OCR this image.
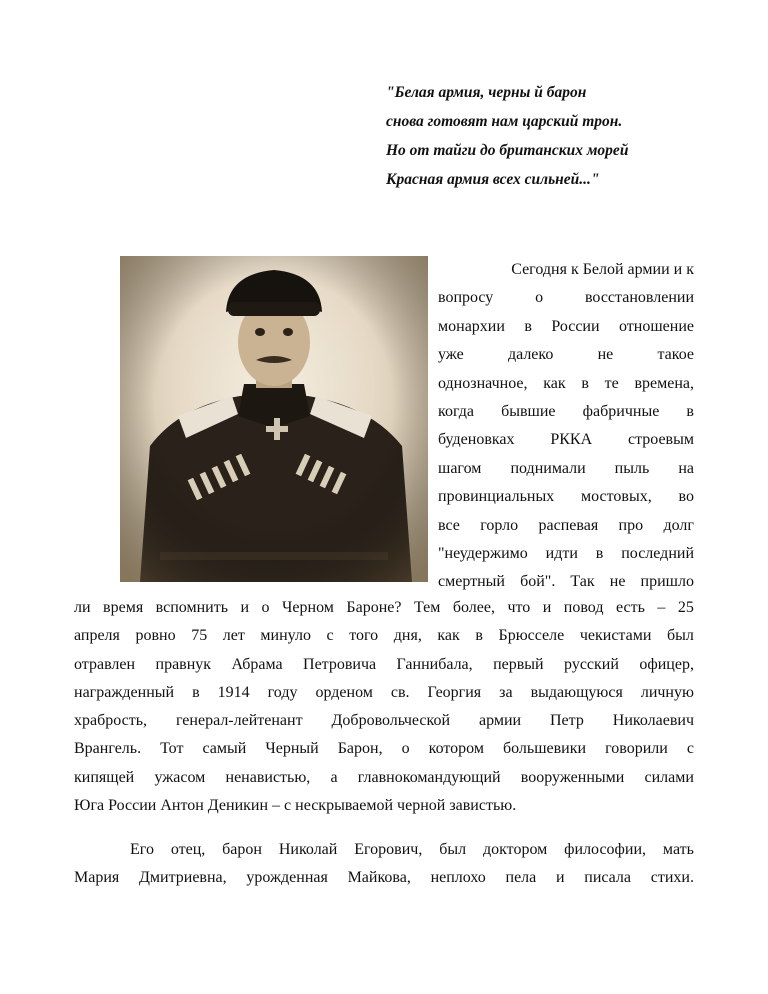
"Белая армия, черны й барон
снова готовят нам царский трон.
Но от тайги до британских морей
Красная армия всех сильней..."
Сегодня к Белой армии и к
вопросу	о	восстановлении
монархии в России отношение
уже	далеко	не	такое
однозначное, как в те времена,
когда бывшие фабричные в
буденовках РККА строевым
шагом поднимали пыль на
провинциальных мостовых, во
все горло распевая про долг
"неудержимо идти в последний
смертный бой". Так не пришло
ли время вспомнить и о Черном Бароне? Тем более, что и повод есть – 25
апреля ровно 75 лет минуло с того дня, как в Брюсселе чекистами был
отравлен правнук Абрама Петровича Ганнибала, первый русский офицер,
награжденный в 1914 году орденом св. Георгия за выдающуюся личную
храбрость, генерал-лейтенант Добровольческой армии Петр Николаевич
Врангель. Тот самый Черный Барон, о котором большевики говорили с
кипящей ужасом ненавистью, а главнокомандующий вооруженными силами
Юга России Антон Деникин – с нескрываемой черной завистью.
Его отец, барон Николай Егорович, был доктором философии, мать
Мария Дмитриевна, урожденная Майкова, неплохо пела и писала стихи.
